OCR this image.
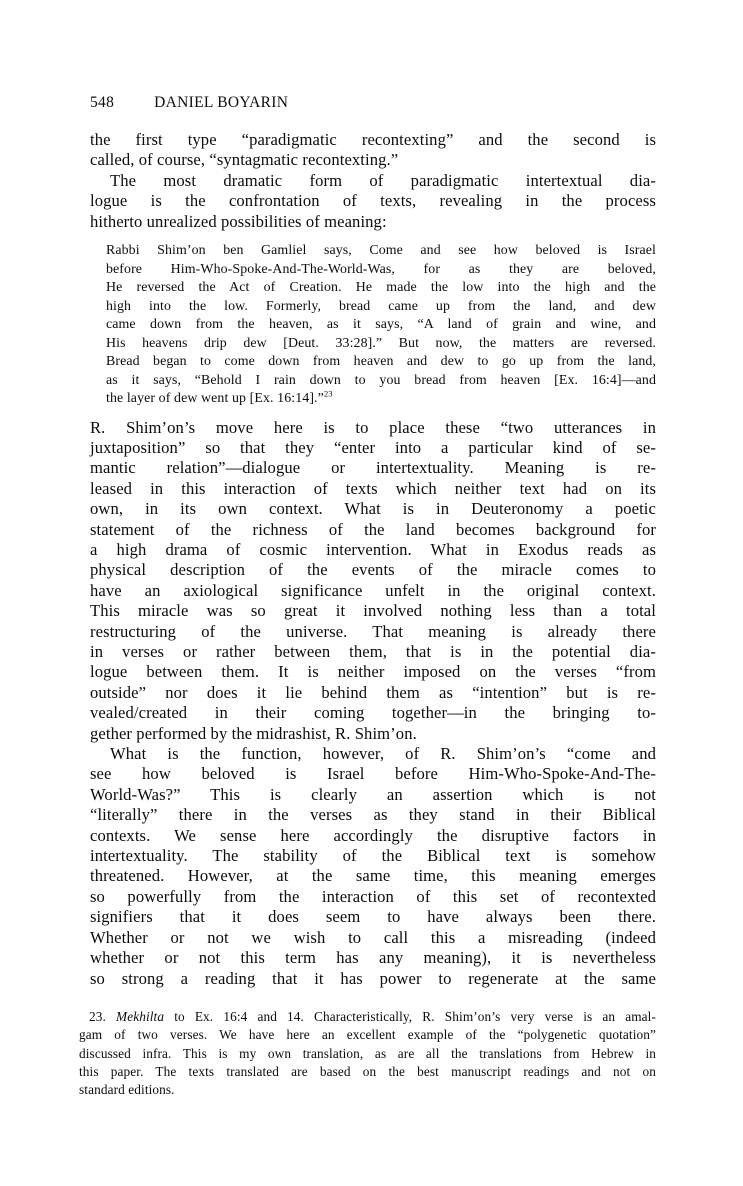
548	DANIEL BOYARIN
the first type “paradigmatic recontexting” and the second is
called, of course, “syntagmatic recontexting.”
The most dramatic form of paradigmatic intertextual dia-
logue is the confrontation of texts, revealing in the process
hitherto unrealized possibilities of meaning:
Rabbi Shim’on ben Gamliel says, Come and see how beloved is Israel
before Him-Who-Spoke-And-The-World-Was, for as they are beloved,
He reversed the Act of Creation. He made the low into the high and the
high into the low. Formerly, bread came up from the land, and dew
came down from the heaven, as it says, “A land of grain and wine, and
His heavens drip dew [Deut. 33:28].” But now, the matters are reversed.
Bread began to come down from heaven and dew to go up from the land,
as it says, “Behold I rain down to you bread from heaven [Ex. 16:4]—and
the layer of dew went up [Ex. 16:14].”$^{23}$
R. Shim’on’s move here is to place these “two utterances in
juxtaposition” so that they “enter into a particular kind of se-
mantic relation”—dialogue or intertextuality. Meaning is re-
leased in this interaction of texts which neither text had on its
own, in its own context. What is in Deuteronomy a poetic
statement of the richness of the land becomes background for
a high drama of cosmic intervention. What in Exodus reads as
physical description of the events of the miracle comes to
have an axiological significance unfelt in the original context.
This miracle was so great it involved nothing less than a total
restructuring of the universe. That meaning is already there
in verses or rather between them, that is in the potential dia-
logue between them. It is neither imposed on the verses “from
outside” nor does it lie behind them as “intention” but is re-
vealed/created in their coming together—in the bringing to-
gether performed by the midrashist, R. Shim’on.
What is the function, however, of R. Shim’on’s “come and
see how beloved is Israel before Him-Who-Spoke-And-The-
World-Was?” This is clearly an assertion which is not
“literally” there in the verses as they stand in their Biblical
contexts. We sense here accordingly the disruptive factors in
intertextuality. The stability of the Biblical text is somehow
threatened. However, at the same time, this meaning emerges
so powerfully from the interaction of this set of recontexted
signifiers that it does seem to have always been there.
Whether or not we wish to call this a misreading (indeed
whether or not this term has any meaning), it is nevertheless
so strong a reading that it has power to regenerate at the same
23. Mekhilta to Ex. 16:4 and 14. Characteristically, R. Shim’on’s very verse is an amal-
gam of two verses. We have here an excellent example of the “polygenetic quotation”
discussed infra. This is my own translation, as are all the translations from Hebrew in
this paper. The texts translated are based on the best manuscript readings and not on
standard editions.
